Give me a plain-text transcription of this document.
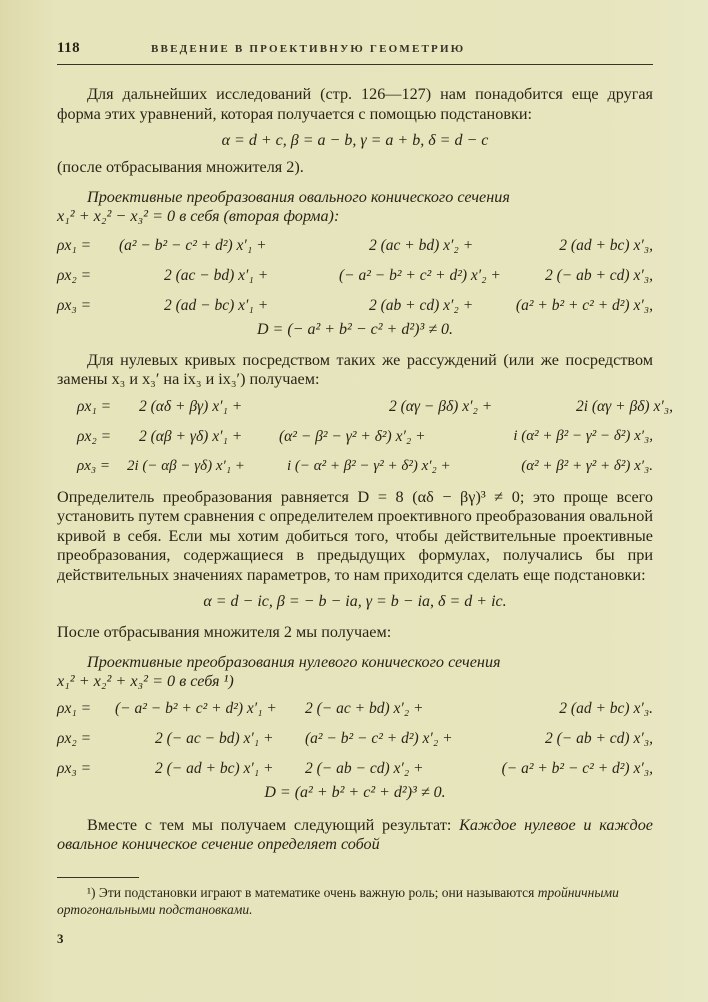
118	ВВЕДЕНИЕ В ПРОЕКТИВНУЮ ГЕОМЕТРИЮ

Для дальнейших исследований (стр. 126—127) нам понадобится еще другая форма этих уравнений, которая получается с помощью подстановки:

α = d + c, β = a − b, γ = a + b, δ = d − c

(после отбрасывания множителя 2).

Проективные преобразования овального конического сечения

x₁² + x₂² − x₃² = 0 в себя (вторая форма):

ρx₁ =	(a² − b² − c² + d²) x′₁ +	2 (ac + bd) x′₂ +	2 (ad + bc) x′₃,
ρx₂ =	2 (ac − bd) x′₁ +	(− a² − b² + c² + d²) x′₂ +	2 (− ab + cd) x′₃,
ρx₃ =	2 (ad − bc) x′₁ +	2 (ab + cd) x′₂ +	(a² + b² + c² + d²) x′₃,
D = (− a² + b² − c² + d²)³ ≠ 0.

Для нулевых кривых посредством таких же рассуждений (или же посредством замены x₃ и x₃′ на ix₃ и ix₃′) получаем:

ρx₁ =	2 (αδ + βγ) x′₁ +	2 (αγ − βδ) x′₂ +	2i (αγ + βδ) x′₃,
ρx₂ =	2 (αβ + γδ) x′₁ +	(α² − β² − γ² + δ²) x′₂ +	i (α² + β² − γ² − δ²) x′₃,
ρx₃ =	2i (− αβ − γδ) x′₁ +	i (− α² + β² − γ² + δ²) x′₂ +	(α² + β² + γ² + δ²) x′₃.

Определитель преобразования равняется D = 8 (αδ − βγ)³ ≠ 0; это проще всего установить путем сравнения с определителем проективного преобразования овальной кривой в себя. Если мы хотим добиться того, чтобы действительные проективные преобразования, содержащиеся в предыдущих формулах, получались бы при действительных значениях параметров, то нам приходится сделать еще подстановки:

α = d − ic, β = − b − ia, γ = b − ia, δ = d + ic.

После отбрасывания множителя 2 мы получаем:

Проективные преобразования нулевого конического сечения

x₁² + x₂² + x₃² = 0 в себя ¹)

ρx₁ =	(− a² − b² + c² + d²) x′₁ +	2 (− ac + bd) x′₂ +	2 (ad + bc) x′₃.
ρx₂ =	2 (− ac − bd) x′₁ +	(a² − b² − c² + d²) x′₂ +	2 (− ab + cd) x′₃,
ρx₃ =	2 (− ad + bc) x′₁ +	2 (− ab − cd) x′₂ +	(− a² + b² − c² + d²) x′₃,
D = (a² + b² + c² + d²)³ ≠ 0.

Вместе с тем мы получаем следующий результат: Каждое нулевое и каждое овальное коническое сечение определяет собой

¹) Эти подстановки играют в математике очень важную роль; они называются тройничными ортогональными подстановками.

3
